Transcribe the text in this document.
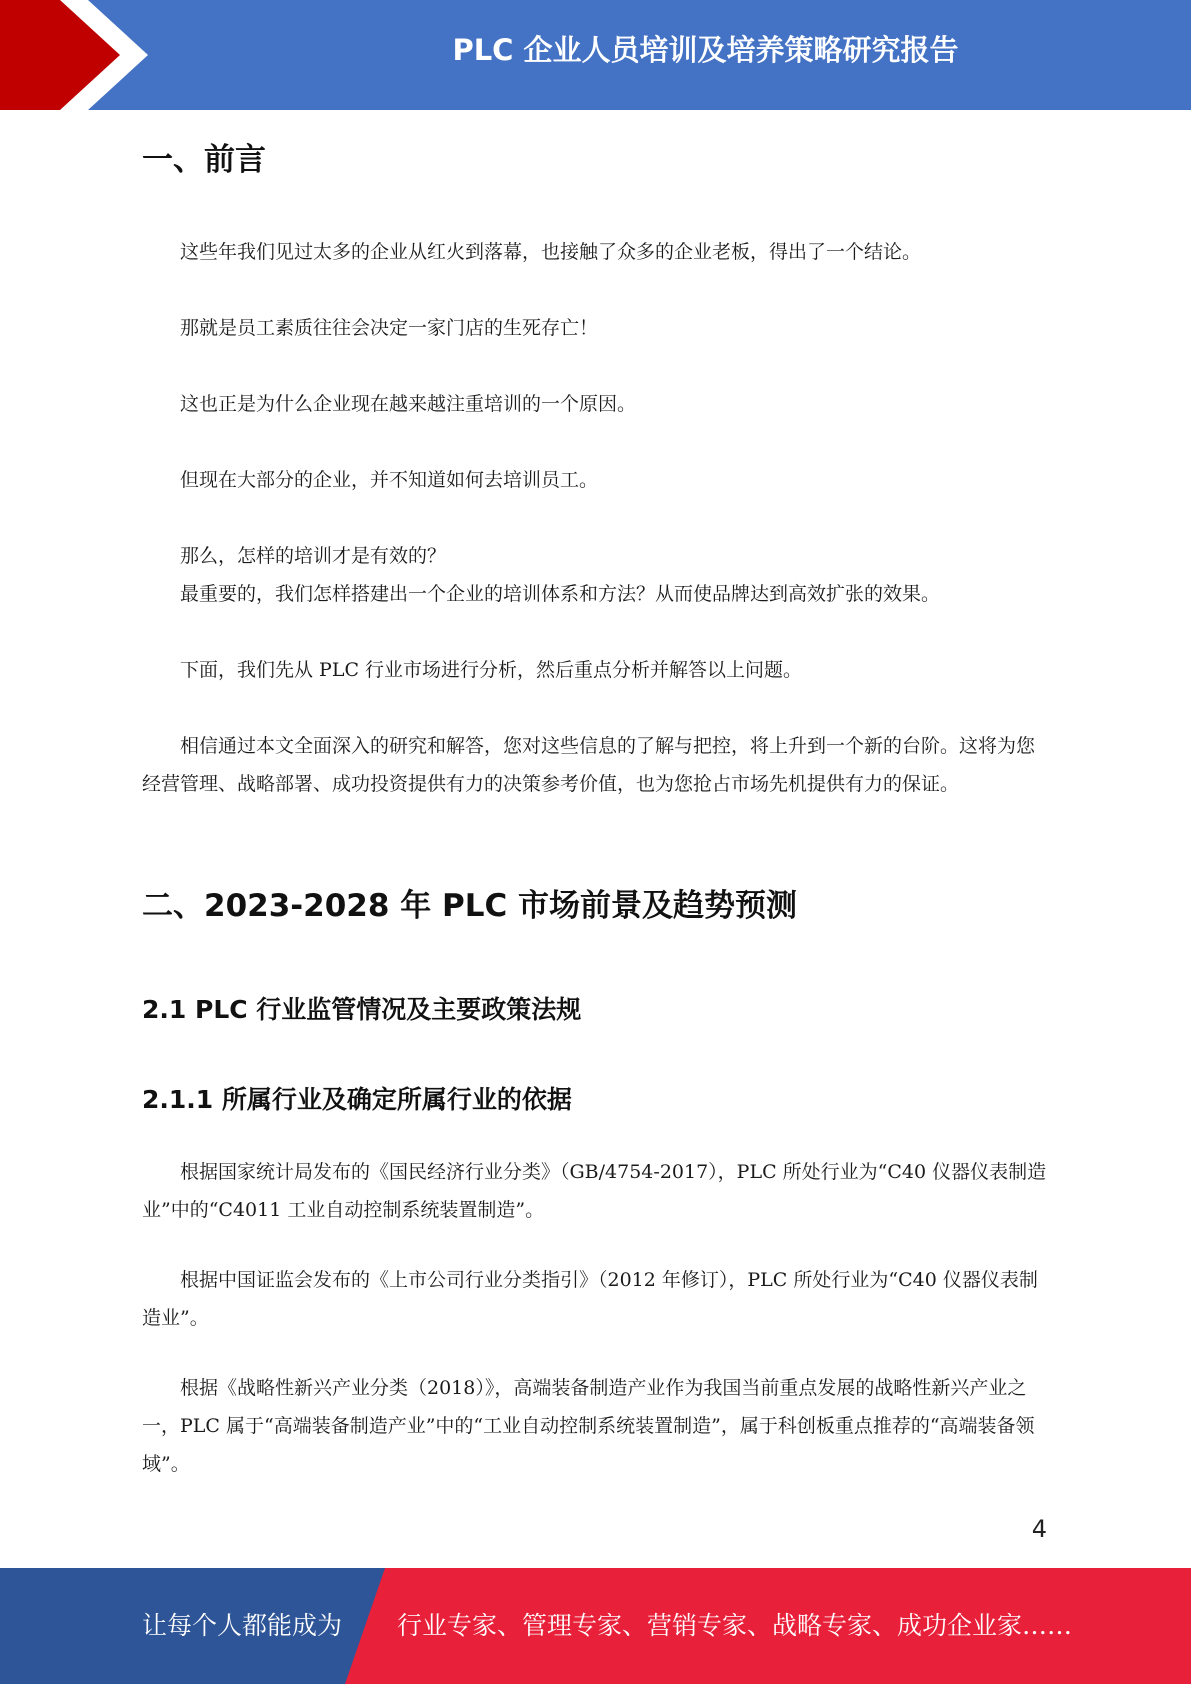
PLC 企业人员培训及培养策略研究报告
一、前言

这些年我们见过太多的企业从红火到落幕，也接触了众多的企业老板，得出了一个结论。

那就是员工素质往往会决定一家门店的生死存亡！

这也正是为什么企业现在越来越注重培训的一个原因。

但现在大部分的企业，并不知道如何去培训员工。

那么，怎样的培训才是有效的？

最重要的，我们怎样搭建出一个企业的培训体系和方法？从而使品牌达到高效扩张的效果。

下面，我们先从 PLC 行业市场进行分析，然后重点分析并解答以上问题。

相信通过本文全面深入的研究和解答，您对这些信息的了解与把控，将上升到一个新的台阶。这将为您经营管理、战略部署、成功投资提供有力的决策参考价值，也为您抢占市场先机提供有力的保证。

二、2023-2028 年 PLC 市场前景及趋势预测
2.1 PLC 行业监管情况及主要政策法规
2.1.1 所属行业及确定所属行业的依据

根据国家统计局发布的《国民经济行业分类》（GB/4754-2017），PLC 所处行业为“C40 仪器仪表制造业”中的“C4011 工业自动控制系统装置制造”。

根据中国证监会发布的《上市公司行业分类指引》（2012 年修订），PLC 所处行业为“C40 仪器仪表制造业”。

根据《战略性新兴产业分类（2018）》，高端装备制造产业作为我国当前重点发展的战略性新兴产业之一，PLC 属于“高端装备制造产业”中的“工业自动控制系统装置制造”，属于科创板重点推荐的“高端装备领域”。

4
让每个人都能成为 行业专家、管理专家、营销专家、战略专家、成功企业家……
